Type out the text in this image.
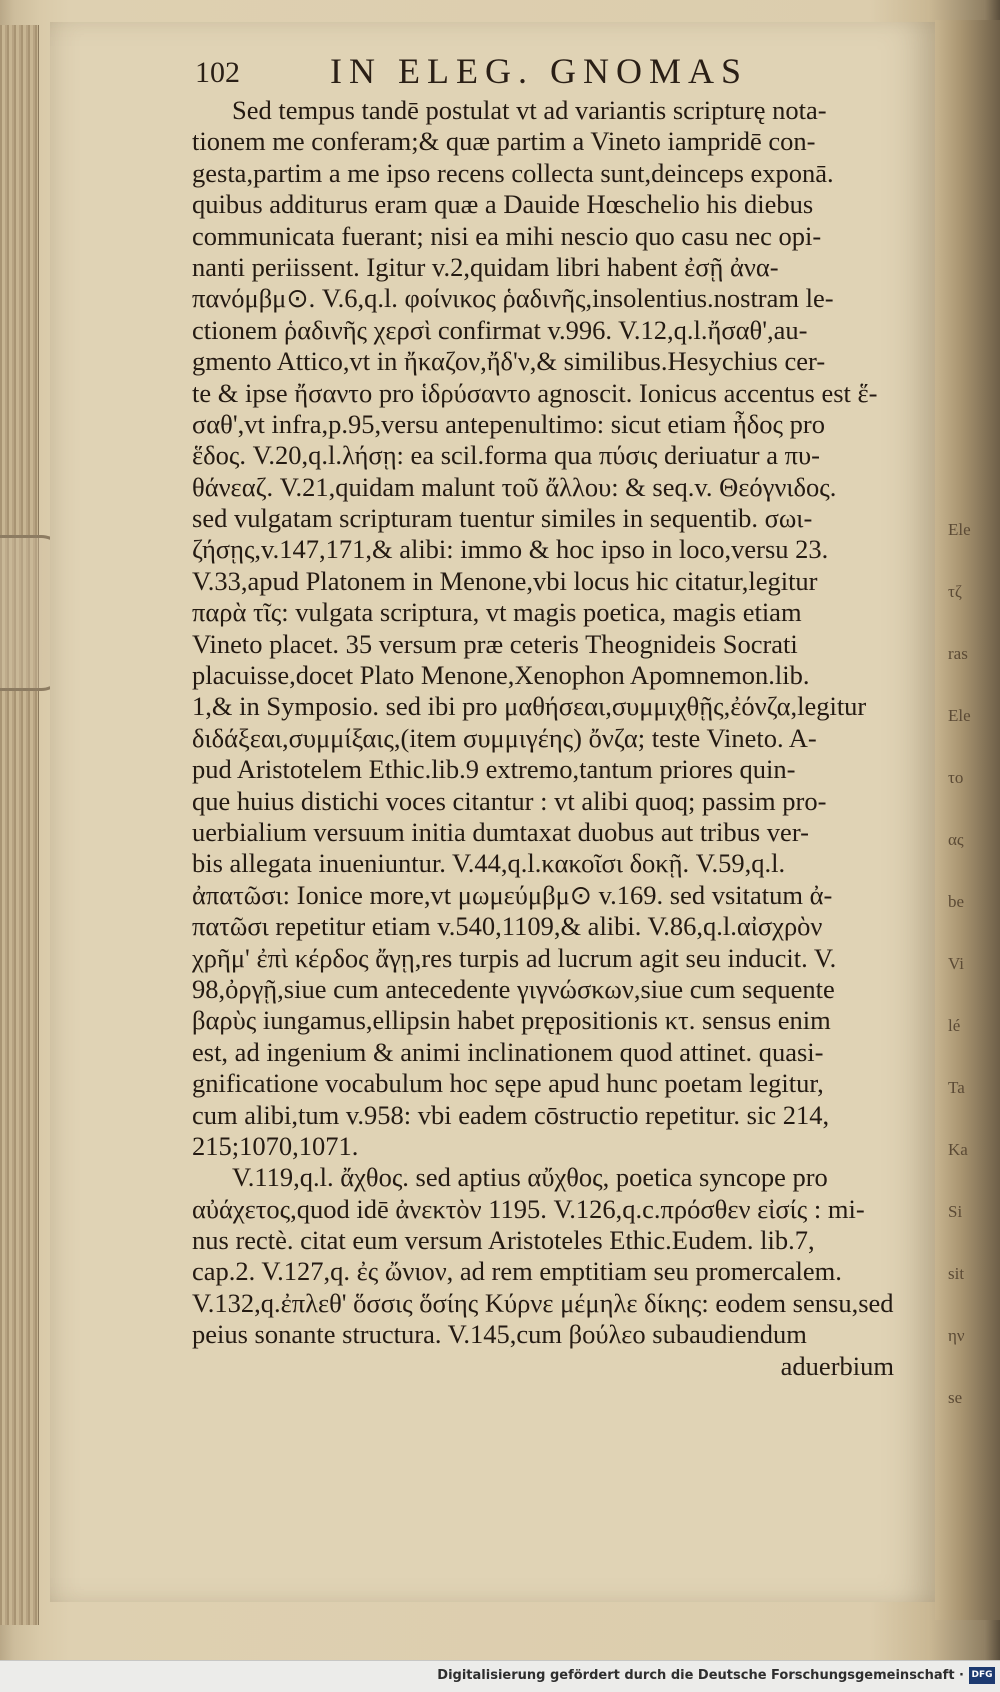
Ele
τζ
ras
Ele
το
ας
be
Vi
lé
Ta
Ka
Si
sit
ην
se
102	IN ELEG. GNOMAS
Sed tempus tandē postulat vt ad variantis scripturę nota-
tionem me conferam;& quæ partim a Vineto iampridē con-
gesta,partim a me ipso recens collecta sunt,deinceps exponā.
quibus additurus eram quæ a Dauide Hœschelio his diebus
communicata fuerant; nisi ea mihi nescio quo casu nec opi-
nanti periissent. Igitur v.2,quidam libri habent ἐσῇ ἀνα-
πανόμβμ⊙. V.6,q.l. φοίνικος ῥαδινῆς,insolentius.nostram le-
ctionem ῥαδινῆς χερσὶ confirmat v.996. V.12,q.l.ἤσαθ',au-
gmento Attico,vt in ἤκαζον,ἤδ'ν,& similibus.Hesychius cer-
te & ipse ἤσαντο pro ἱδρύσαντο agnoscit. Ionicus accentus est ἕ-
σαθ',vt infra,p.95,versu antepenultimo: sicut etiam ἦδος pro
ἕδος. V.20,q.l.λήσῃ: ea scil.forma qua πύσις deriuatur a πυ-
θάνεαζ. V.21,quidam malunt τοῦ ἄλλου: & seq.v. Θεόγνιδος.
sed vulgatam scripturam tuentur similes in sequentib. σωι-
ζήσῃς,v.147,171,& alibi: immo & hoc ipso in loco,versu 23.
V.33,apud Platonem in Menone,vbi locus hic citatur,legitur
παρὰ τῖς: vulgata scriptura, vt magis poetica, magis etiam
Vineto placet. 35 versum præ ceteris Theognideis Socrati
placuisse,docet Plato Menone,Xenophon Apomnemon.lib.
1,& in Symposio. sed ibi pro μαθήσεαι,συμμιχθῇς,ἐόνζα,legitur
διδάξεαι,συμμίξαις,(item συμμιγέης) ὄνζα; teste Vineto. A-
pud Aristotelem Ethic.lib.9 extremo,tantum priores quin-
que huius distichi voces citantur : vt alibi quoq; passim pro-
uerbialium versuum initia dumtaxat duobus aut tribus ver-
bis allegata inueniuntur. V.44,q.l.κακοῖσι δοκῇ. V.59,q.l.
ἀπατῶσι: Ionice more,vt μωμεύμβμ⊙ v.169. sed vsitatum ἀ-
πατῶσι repetitur etiam v.540,1109,& alibi. V.86,q.l.αἰσχρὸν
χρῆμ' ἐπὶ κέρδος ἄγῃ,res turpis ad lucrum agit seu inducit. V.
98,ὀργῇ,siue cum antecedente γιγνώσκων,siue cum sequente
βαρὺς iungamus,ellipsin habet prępositionis κτ. sensus enim
est, ad ingenium & animi inclinationem quod attinet. quasi-
gnificatione vocabulum hoc sępe apud hunc poetam legitur,
cum alibi,tum v.958: vbi eadem cōstructio repetitur. sic 214,
215;1070,1071.
V.119,q.l. ἄχθος. sed aptius αὔχθος, poetica syncope pro
αὐάχετος,quod idē ἀνεκτὸν 1195. V.126,q.c.πρόσθεν εἰσίς : mi-
nus rectè. citat eum versum Aristoteles Ethic.Eudem. lib.7,
cap.2. V.127,q. ἐς ὤνιον, ad rem emptitiam seu promercalem.
V.132,q.ἐπλεθ' ὅσσις ὅσίης Κύρνε μέμηλε δίκης: eodem sensu,sed
peius sonante structura. V.145,cum βούλεο subaudiendum
aduerbium
Digitalisierung gefördert durch die Deutsche Forschungsgemeinschaft · DFG
